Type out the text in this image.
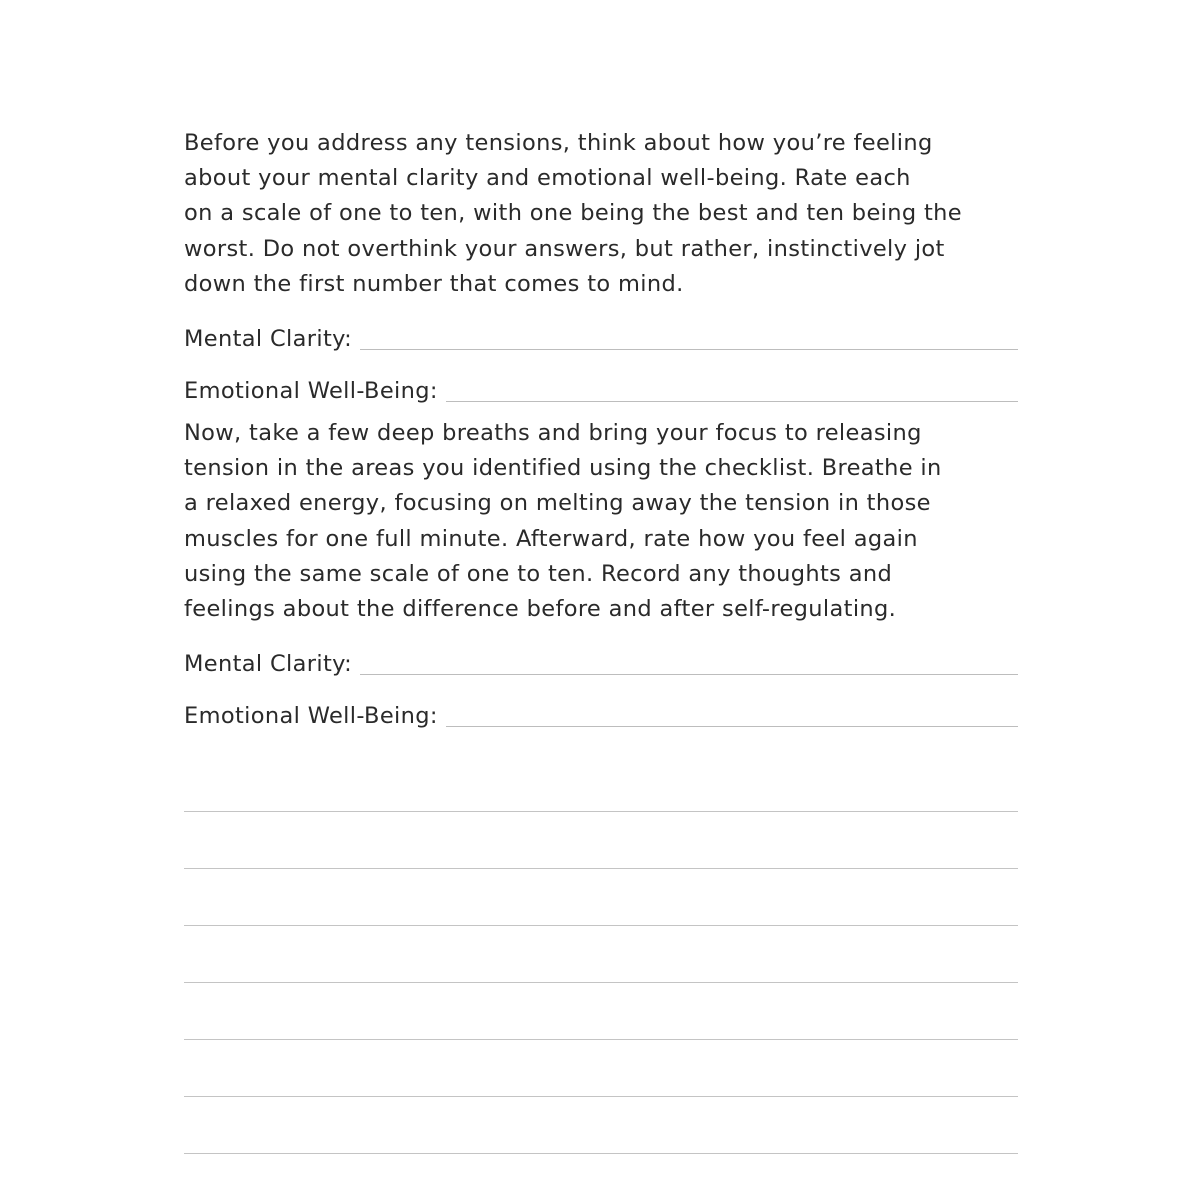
Before you address any tensions, think about how you’re feeling
about your mental clarity and emotional well-being. Rate each
on a scale of one to ten, with one being the best and ten being the
worst. Do not overthink your answers, but rather, instinctively jot
down the first number that comes to mind.

Mental Clarity:
Emotional Well-Being:

Now, take a few deep breaths and bring your focus to releasing
tension in the areas you identified using the checklist. Breathe in
a relaxed energy, focusing on melting away the tension in those
muscles for one full minute. Afterward, rate how you feel again
using the same scale of one to ten. Record any thoughts and
feelings about the difference before and after self-regulating.

Mental Clarity:
Emotional Well-Being:
